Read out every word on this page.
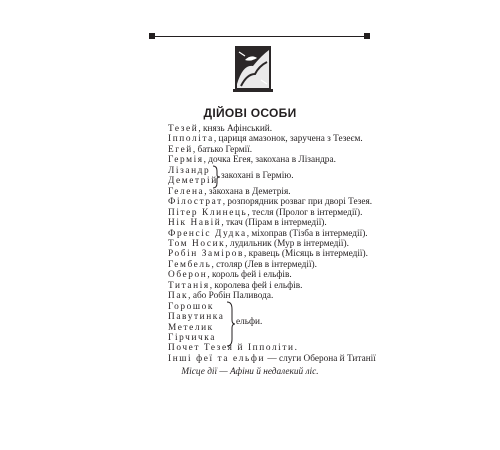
ДІЙОВІ ОСОБИ
Тезей, князь Афінський.
Іпполіта, цариця амазонок, заручена з Тезеєм.
Егей, батько Гермії.
Гермія, дочка Егея, закохана в Лізандра.
Лізандр
Деметрій
Гелена, закохана в Деметрія.
Філострат, розпорядник розваг при дворі Тезея.
Пітер Клинець, тесля (Пролог в інтермедії).
Нік Навій, ткач (Пірам в інтермедії).
Френсіс Дудка, міхоправ (Тізба в інтермедії).
Том Носик, лудильник (Мур в інтермедії).
Робін Заміров, кравець (Місяць в інтермедії).
Гембель, столяр (Лев в інтермедії).
Оберон, король фей і ельфів.
Титанія, королева фей і ельфів.
Пак, або Робін Паливода.
Горошок
Павутинка
закохані в Гермію.
Метелик
Гірчичка
ельфи.
Почет Тезея й Іпполіти.
Інші феї та ельфи — слуги Оберона й Титанії
Місце дії — Афіни й недалекий ліс.
